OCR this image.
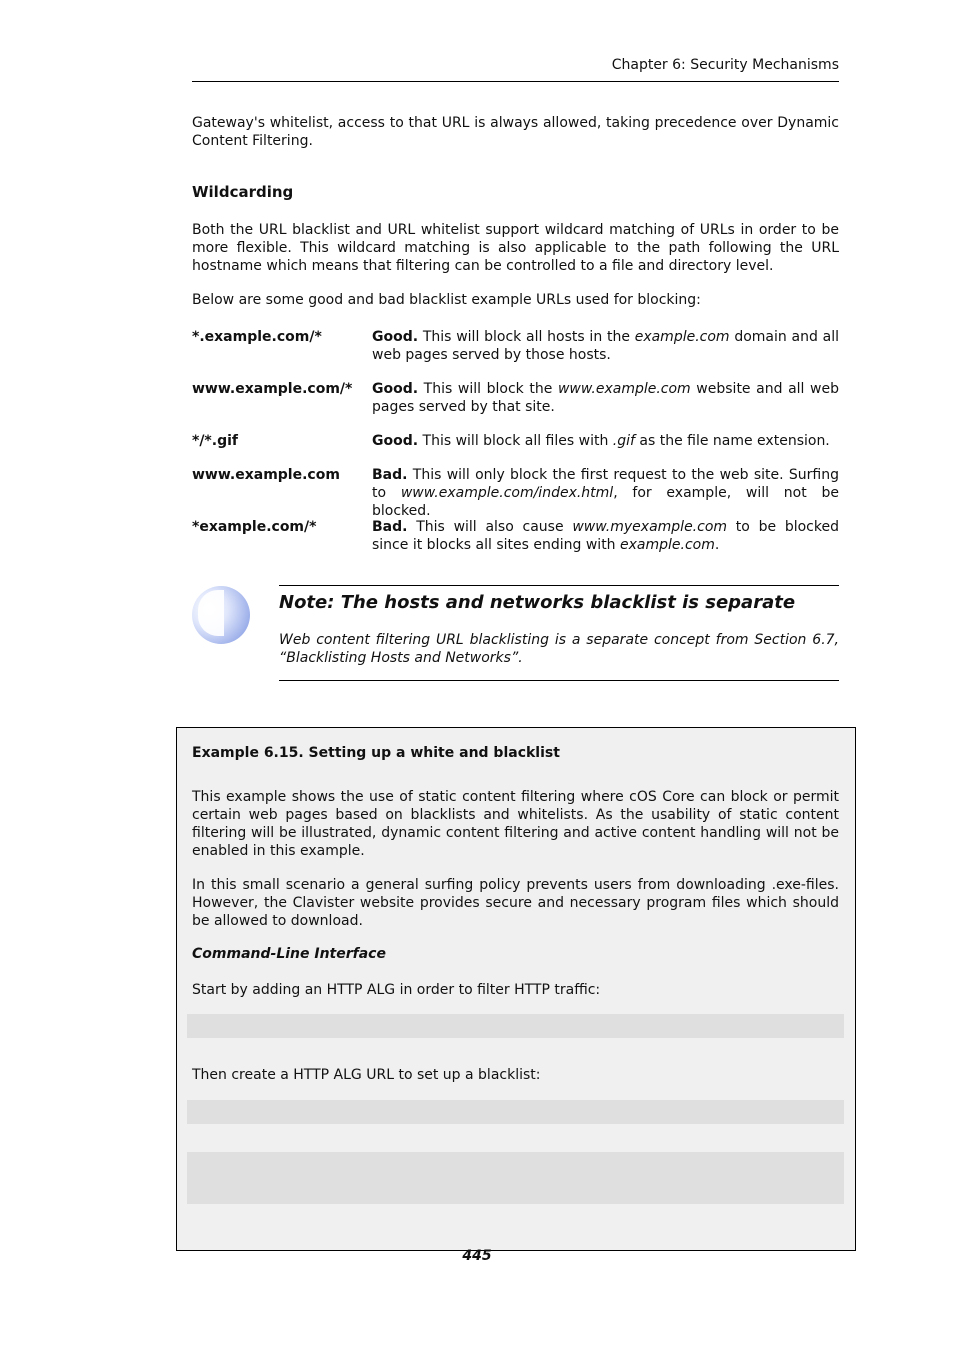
Chapter 6: Security Mechanisms

Gateway's whitelist, access to that URL is always allowed, taking precedence over Dynamic Content Filtering.

Wildcarding

Both the URL blacklist and URL whitelist support wildcard matching of URLs in order to be more flexible. This wildcard matching is also applicable to the path following the URL hostname which means that filtering can be controlled to a file and directory level.

Below are some good and bad blacklist example URLs used for blocking:

*.example.com/*	Good. This will block all hosts in the example.com domain and all web pages served by those hosts.

www.example.com/*	Good. This will block the www.example.com website and all web pages served by that site.

*/*.gif	Good. This will block all files with .gif as the file name extension.

www.example.com	Bad. This will only block the first request to the web site. Surfing to www.example.com/index.html, for example, will not be blocked.

*example.com/*	Bad. This will also cause www.myexample.com to be blocked since it blocks all sites ending with example.com.

Note: The hosts and networks blacklist is separate

Web content filtering URL blacklisting is a separate concept from Section 6.7, “Blacklisting Hosts and Networks”.

Example 6.15. Setting up a white and blacklist

This example shows the use of static content filtering where cOS Core can block or permit certain web pages based on blacklists and whitelists. As the usability of static content filtering will be illustrated, dynamic content filtering and active content handling will not be enabled in this example.

In this small scenario a general surfing policy prevents users from downloading .exe-files. However, the Clavister website provides secure and necessary program files which should be allowed to download.

Command-Line Interface

Start by adding an HTTP ALG in order to filter HTTP traffic:

Then create a HTTP ALG URL to set up a blacklist:

445
